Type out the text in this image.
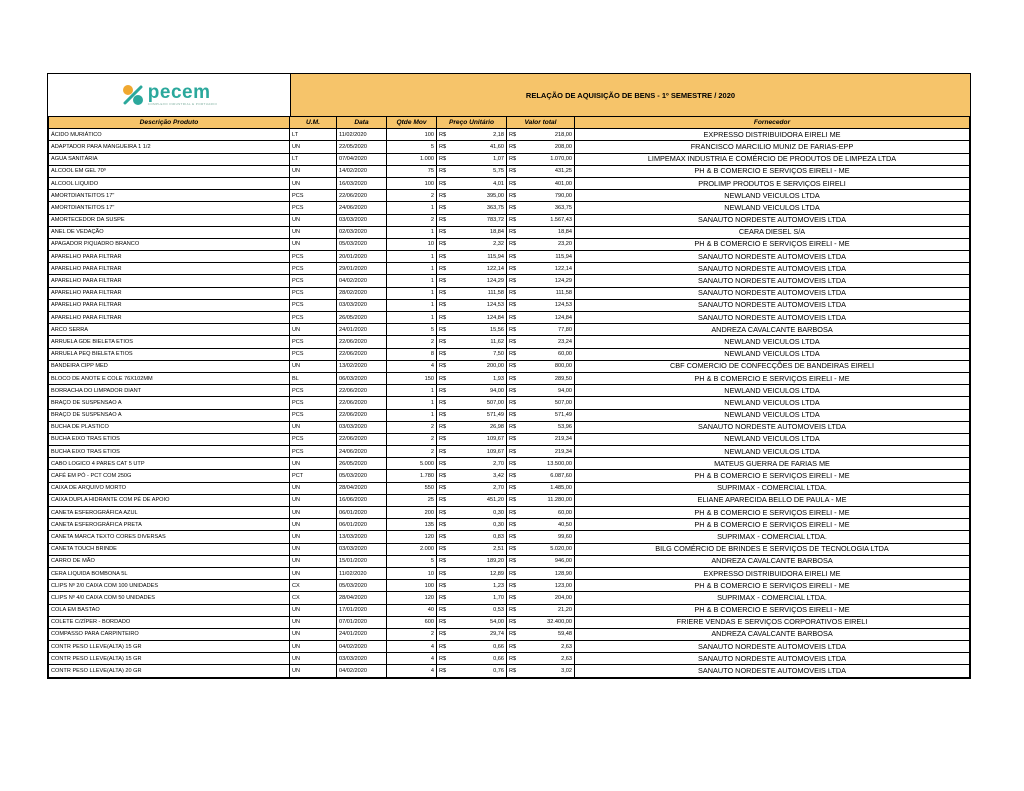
pecem
COMPLEXO INDUSTRIAL E PORTUARIO
RELAÇÃO DE AQUISIÇÃO DE BENS - 1º SEMESTRE / 2020
Descrição Produto	U.M.	Data	Qtde Mov	Preço Unitário		Valor total		Fornecedor
ÁCIDO MURIÁTICO	LT	11/02/2020	100	R$	2,18	R$	218,00	EXPRESSO DISTRIBUIDORA EIRELI ME
ADAPTADOR PARA MANGUEIRA 1 1/2	UN	22/05/2020	5	R$	41,60	R$	208,00	FRANCISCO MARCILIO MUNIZ DE FARIAS-EPP
AGUA SANITÁRIA	LT	07/04/2020	1.000	R$	1,07	R$	1.070,00	LIMPEMAX INDUSTRIA E COMÉRCIO DE PRODUTOS DE LIMPEZA LTDA
ALCOOL EM GEL 70º	UN	14/02/2020	75	R$	5,75	R$	431,25	PH & B COMERCIO E SERVIÇOS EIRELI - ME
ALCOOL LIQUIDO	UN	16/03/2020	100	R$	4,01	R$	401,00	PROLIMP PRODUTOS E SERVIÇOS EIRELI
AMORTDIANTEITOS 17"	PCS	22/06/2020	2	R$	395,00	R$	790,00	NEWLAND VEICULOS LTDA
AMORTDIANTEITOS 17"	PCS	24/06/2020	1	R$	363,75	R$	363,75	NEWLAND VEICULOS LTDA
AMORTECEDOR DA SUSPE	UN	03/03/2020	2	R$	783,72	R$	1.567,43	SANAUTO NORDESTE AUTOMOVEIS LTDA
ANEL DE VEDAÇÃO	UN	02/03/2020	1	R$	18,84	R$	18,84	CEARA DIESEL S/A
APAGADOR P/QUADRO BRANCO	UN	05/03/2020	10	R$	2,32	R$	23,20	PH & B COMERCIO E SERVIÇOS EIRELI - ME
APARELHO PARA FILTRAR	PCS	20/01/2020	1	R$	115,94	R$	115,94	SANAUTO NORDESTE AUTOMOVEIS LTDA
APARELHO PARA FILTRAR	PCS	29/01/2020	1	R$	122,14	R$	122,14	SANAUTO NORDESTE AUTOMOVEIS LTDA
APARELHO PARA FILTRAR	PCS	04/02/2020	1	R$	124,29	R$	124,29	SANAUTO NORDESTE AUTOMOVEIS LTDA
APARELHO PARA FILTRAR	PCS	28/02/2020	1	R$	111,58	R$	111,58	SANAUTO NORDESTE AUTOMOVEIS LTDA
APARELHO PARA FILTRAR	PCS	03/03/2020	1	R$	124,53	R$	124,53	SANAUTO NORDESTE AUTOMOVEIS LTDA
APARELHO PARA FILTRAR	PCS	26/05/2020	1	R$	124,84	R$	124,84	SANAUTO NORDESTE AUTOMOVEIS LTDA
ARCO SERRA	UN	24/01/2020	5	R$	15,56	R$	77,80	ANDREZA CAVALCANTE BARBOSA
ARRUELA GDE BIELETA ETIOS	PCS	22/06/2020	2	R$	11,62	R$	23,24	NEWLAND VEICULOS LTDA
ARRUELA PEQ BIELETA ETIOS	PCS	22/06/2020	8	R$	7,50	R$	60,00	NEWLAND VEICULOS LTDA
BANDEIRA CIPP MED	UN	13/02/2020	4	R$	200,00	R$	800,00	CBF COMERCIO DE CONFECÇÕES DE BANDEIRAS EIRELI
BLOCO DE ANOTE E COLE 76X102MM	BL	06/03/2020	150	R$	1,93	R$	289,50	PH & B COMERCIO E SERVIÇOS EIRELI - ME
BORRACHA DO LIMPADOR DIANT	PCS	22/06/2020	1	R$	94,00	R$	94,00	NEWLAND VEICULOS LTDA
BRAÇO DE SUSPENSAO A	PCS	22/06/2020	1	R$	507,00	R$	507,00	NEWLAND VEICULOS LTDA
BRAÇO DE SUSPENSAO A	PCS	22/06/2020	1	R$	571,49	R$	571,49	NEWLAND VEICULOS LTDA
BUCHA DE PLASTICO	UN	03/03/2020	2	R$	26,98	R$	53,96	SANAUTO NORDESTE AUTOMOVEIS LTDA
BUCHA EIXO TRAS ETIOS	PCS	22/06/2020	2	R$	109,67	R$	219,34	NEWLAND VEICULOS LTDA
BUCHA EIXO TRAS ETIOS	PCS	24/06/2020	2	R$	109,67	R$	219,34	NEWLAND VEICULOS LTDA
CABO LOGICO 4 PARES CAT 5 UTP	UN	26/05/2020	5.000	R$	2,70	R$	13.500,00	MATEUS GUERRA DE FARIAS ME
CAFÉ EM PÓ - PCT COM 250G	PCT	05/03/2020	1.780	R$	3,42	R$	6.087,60	PH & B COMERCIO E SERVIÇOS EIRELI - ME
CAIXA DE ARQUIVO MORTO	UN	28/04/2020	550	R$	2,70	R$	1.485,00	SUPRIMAX - COMERCIAL LTDA.
CAIXA DUPLA HIDRANTE COM PÉ DE APOIO	UN	16/06/2020	25	R$	451,20	R$	11.280,00	ELIANE APARECIDA BELLO DE PAULA - ME
CANETA ESFEROGRÁFICA AZUL	UN	06/01/2020	200	R$	0,30	R$	60,00	PH & B COMERCIO E SERVIÇOS EIRELI - ME
CANETA ESFEROGRÁFICA PRETA	UN	06/01/2020	135	R$	0,30	R$	40,50	PH & B COMERCIO E SERVIÇOS EIRELI - ME
CANETA MARCA TEXTO CORES DIVERSAS	UN	13/03/2020	120	R$	0,83	R$	99,60	SUPRIMAX - COMERCIAL LTDA.
CANETA TOUCH BRINDE	UN	03/03/2020	2.000	R$	2,51	R$	5.020,00	BILG COMÉRCIO DE BRINDES E SERVIÇOS DE TECNOLOGIA LTDA
CARRO DE MÃO	UN	15/01/2020	5	R$	189,20	R$	946,00	ANDREZA CAVALCANTE BARBOSA
CERA LIQUIDA BOMBONA 5L	UN	11/02/2020	10	R$	12,89	R$	128,90	EXPRESSO DISTRIBUIDORA EIRELI ME
CLIPS Nº 2/0 CAIXA COM 100 UNIDADES	CX	05/03/2020	100	R$	1,23	R$	123,00	PH & B COMERCIO E SERVIÇOS EIRELI - ME
CLIPS Nº 4/0 CAIXA COM 50 UNIDADES	CX	28/04/2020	120	R$	1,70	R$	204,00	SUPRIMAX - COMERCIAL LTDA.
COLA EM BASTAO	UN	17/01/2020	40	R$	0,53	R$	21,20	PH & B COMERCIO E SERVIÇOS EIRELI - ME
COLETE C/ZÍPER - BORDADO	UN	07/01/2020	600	R$	54,00	R$	32.400,00	FRIERE VENDAS E SERVIÇOS CORPORATIVOS EIRELI
COMPASSO PARA CARPINTEIRO	UN	24/01/2020	2	R$	29,74	R$	59,48	ANDREZA CAVALCANTE BARBOSA
CONTR PESO LLEVE(ALTA) 15 GR	UN	04/02/2020	4	R$	0,66	R$	2,63	SANAUTO NORDESTE AUTOMOVEIS LTDA
CONTR PESO LLEVE(ALTA) 15 GR	UN	03/03/2020	4	R$	0,66	R$	2,63	SANAUTO NORDESTE AUTOMOVEIS LTDA
CONTR PESO LLEVE(ALTA) 20 GR	UN	04/02/2020	4	R$	0,76	R$	3,02	SANAUTO NORDESTE AUTOMOVEIS LTDA
